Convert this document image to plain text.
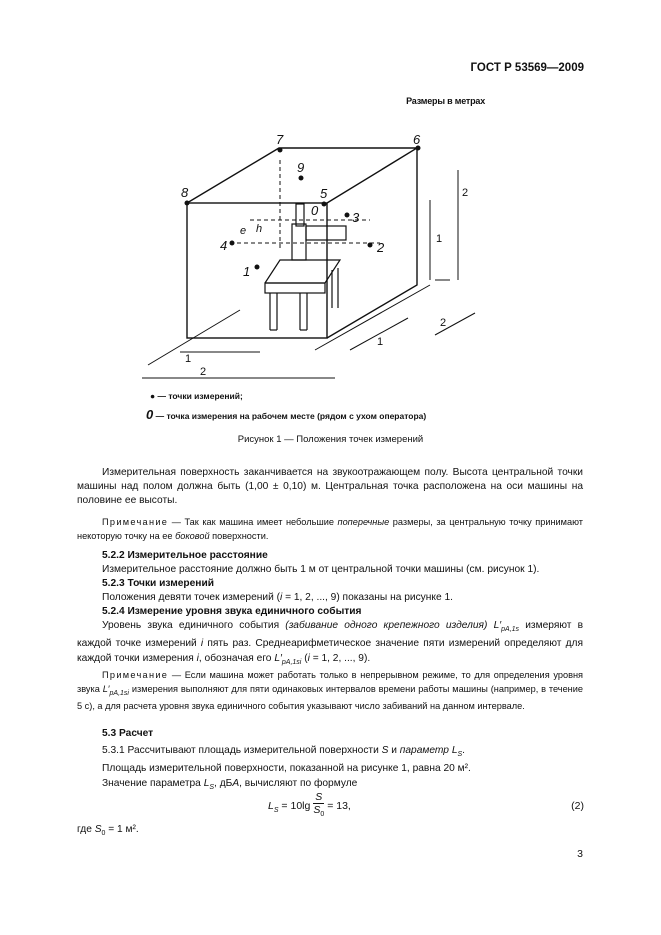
ГОСТ Р 53569—2009
Размеры в метрах
1
2
3
4
5
6
7
8
9
0
1
2
1
2
1
2
h
e
● — точки измерений;
0 — точка измерения на рабочем месте (рядом с ухом оператора)
Рисунок 1 — Положения точек измерений
Измерительная поверхность заканчивается на звукоотражающем полу. Высота центральной точки машины над полом должна быть (1,00 ± 0,10) м. Центральная точка расположена на оси машины на половине ее высоты.
Примечание — Так как машина имеет небольшие поперечные размеры, за центральную точку принимают некоторую точку на ее боковой поверхности.
5.2.2 Измерительное расстояние
Измерительное расстояние должно быть 1 м от центральной точки машины (см. рисунок 1).
5.2.3 Точки измерений
Положения девяти точек измерений (i = 1, 2, ..., 9) показаны на рисунке 1.
5.2.4 Измерение уровня звука единичного события
Уровень звука единичного события (забивание одного крепежного изделия) $L'_{pA,1s}$ измеряют в каждой точке измерений i пять раз. Среднеарифметическое значение пяти измерений определяют для каждой точки измерения i, обозначая его $L'_{pA,1si}$ (i = 1, 2, ..., 9).
Примечание — Если машина может работать только в непрерывном режиме, то для определения уровня звука $L'_{pA,1si}$ измерения выполняют для пяти одинаковых интервалов времени работы машины (например, в течение 5 с), а для расчета уровня звука единичного события указывают число забиваний на данном интервале.
5.3 Расчет
5.3.1 Рассчитывают площадь измерительной поверхности S и параметр $L_S$.
Площадь измерительной поверхности, показанной на рисунке 1, равна 20 м².
Значение параметра $L_S$, дБA, вычисляют по формуле
$L_S = 10\lg \frac{S}{S_0} = 13$,	(2)
где $S_0 = 1$ м².
3
